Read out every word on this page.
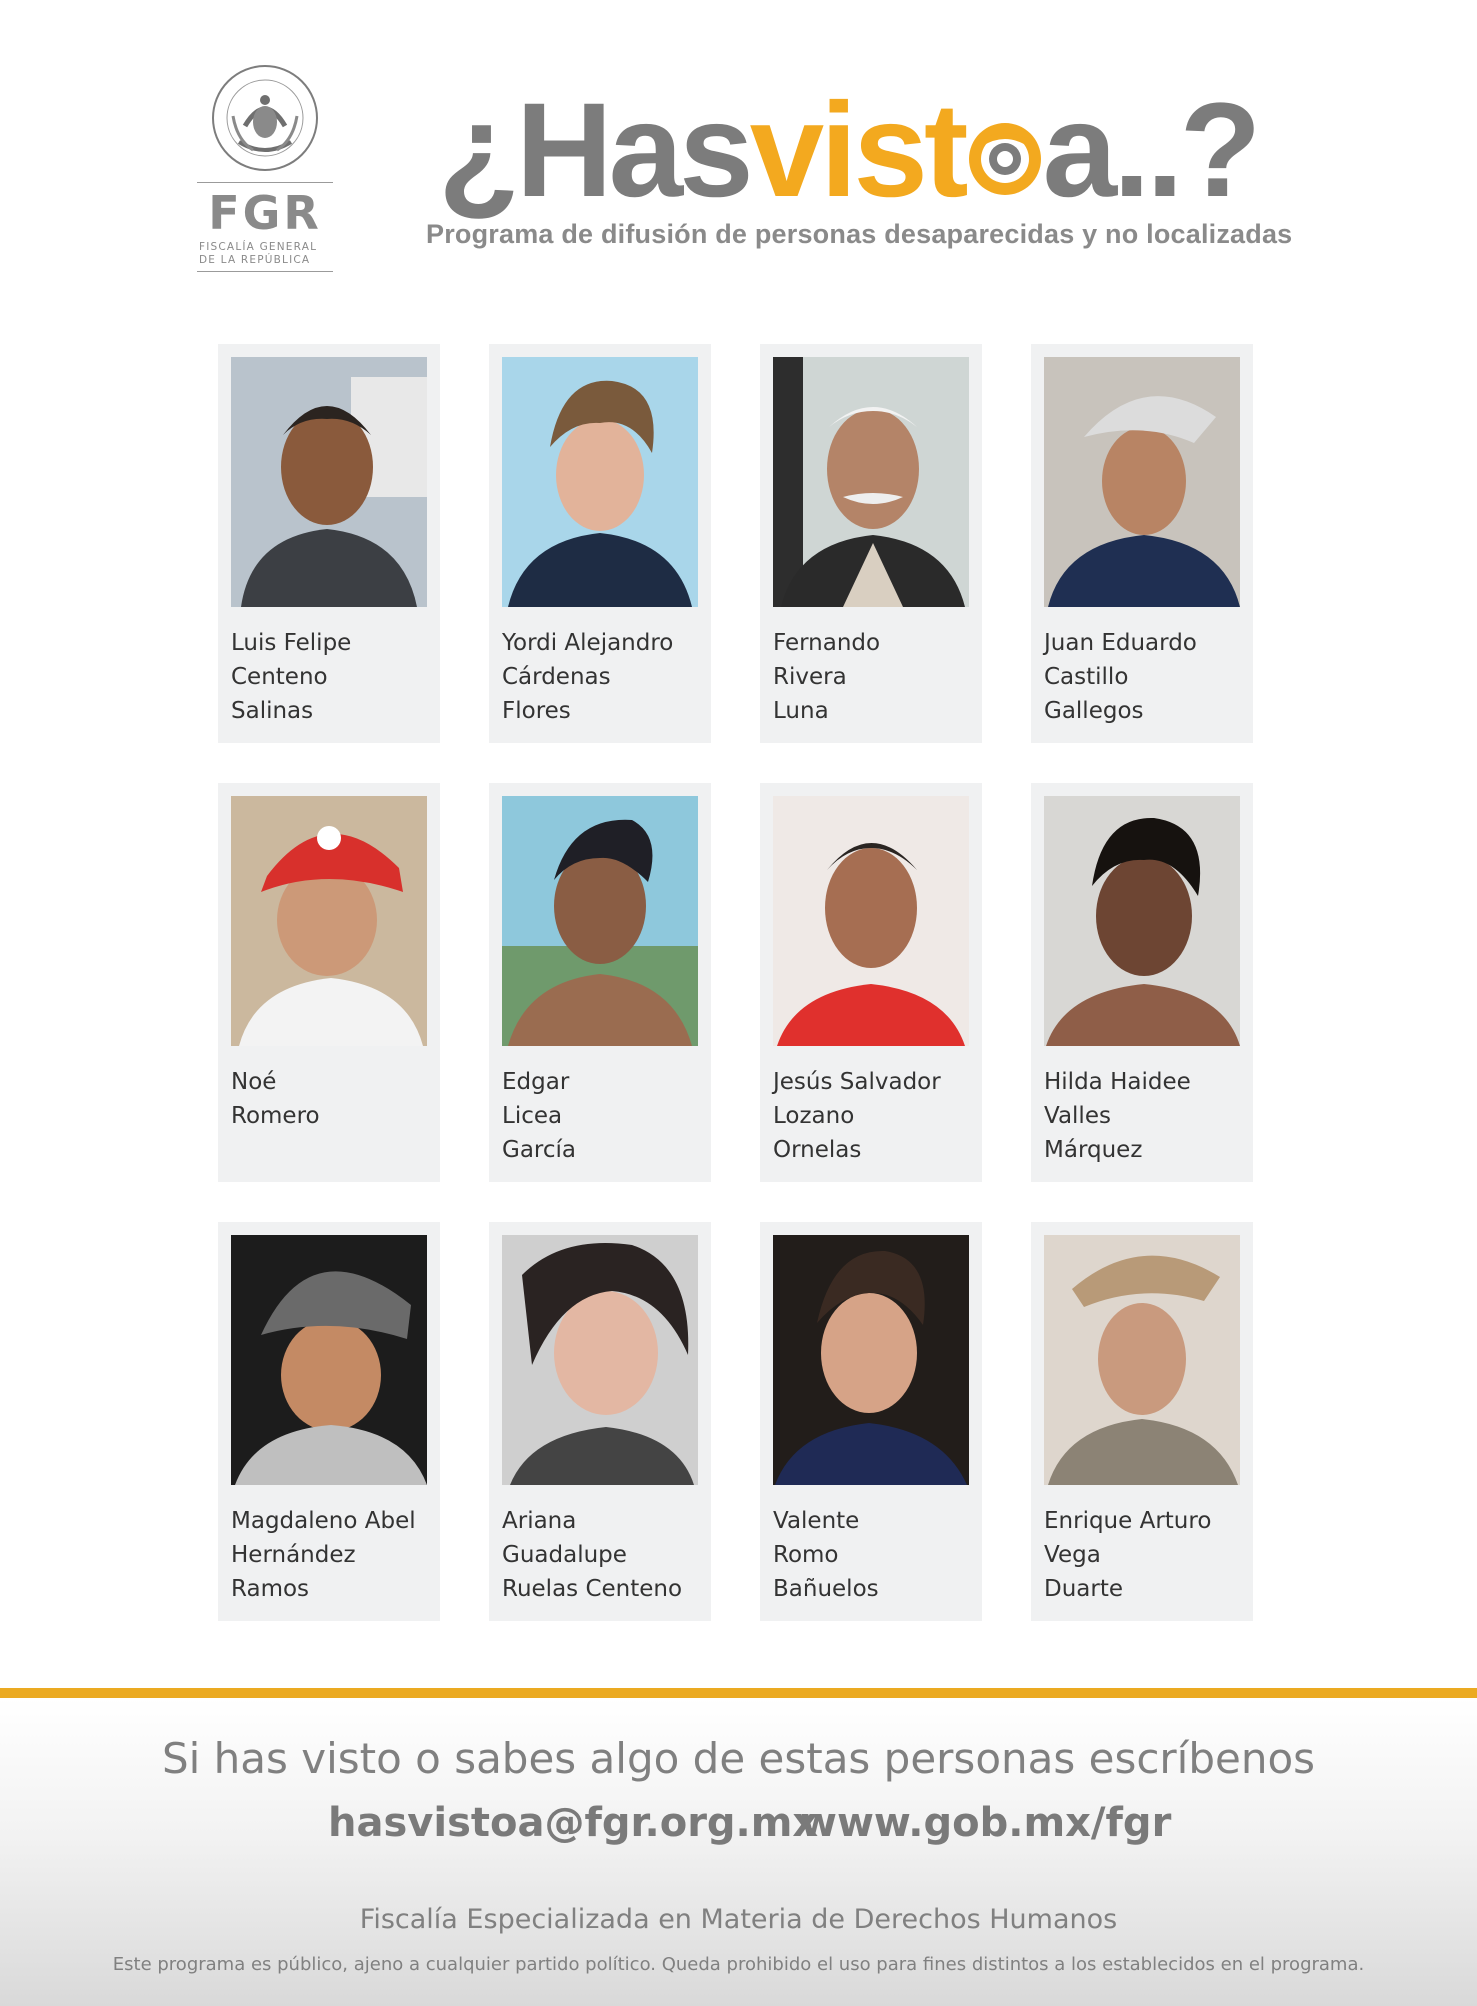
FGR
FISCALÍA GENERAL
DE LA REPÚBLICA
¿Hasvist a..?
Programa de difusión de personas desaparecidas y no localizadas
Luis Felipe
Centeno
Salinas
Yordi Alejandro
Cárdenas
Flores
Fernando
Rivera
Luna
Juan Eduardo
Castillo
Gallegos
Noé
Romero
Edgar
Licea
García
Jesús Salvador
Lozano
Ornelas
Hilda Haidee
Valles
Márquez
Magdaleno Abel
Hernández
Ramos
Ariana
Guadalupe
Ruelas Centeno
Valente
Romo
Bañuelos
Enrique Arturo
Vega
Duarte
Si has visto o sabes algo de estas personas escríbenos
hasvistoa@fgr.org.mx
www.gob.mx/fgr
Fiscalía Especializada en Materia de Derechos Humanos
Este programa es público, ajeno a cualquier partido político. Queda prohibido el uso para fines distintos a los establecidos en el programa.
